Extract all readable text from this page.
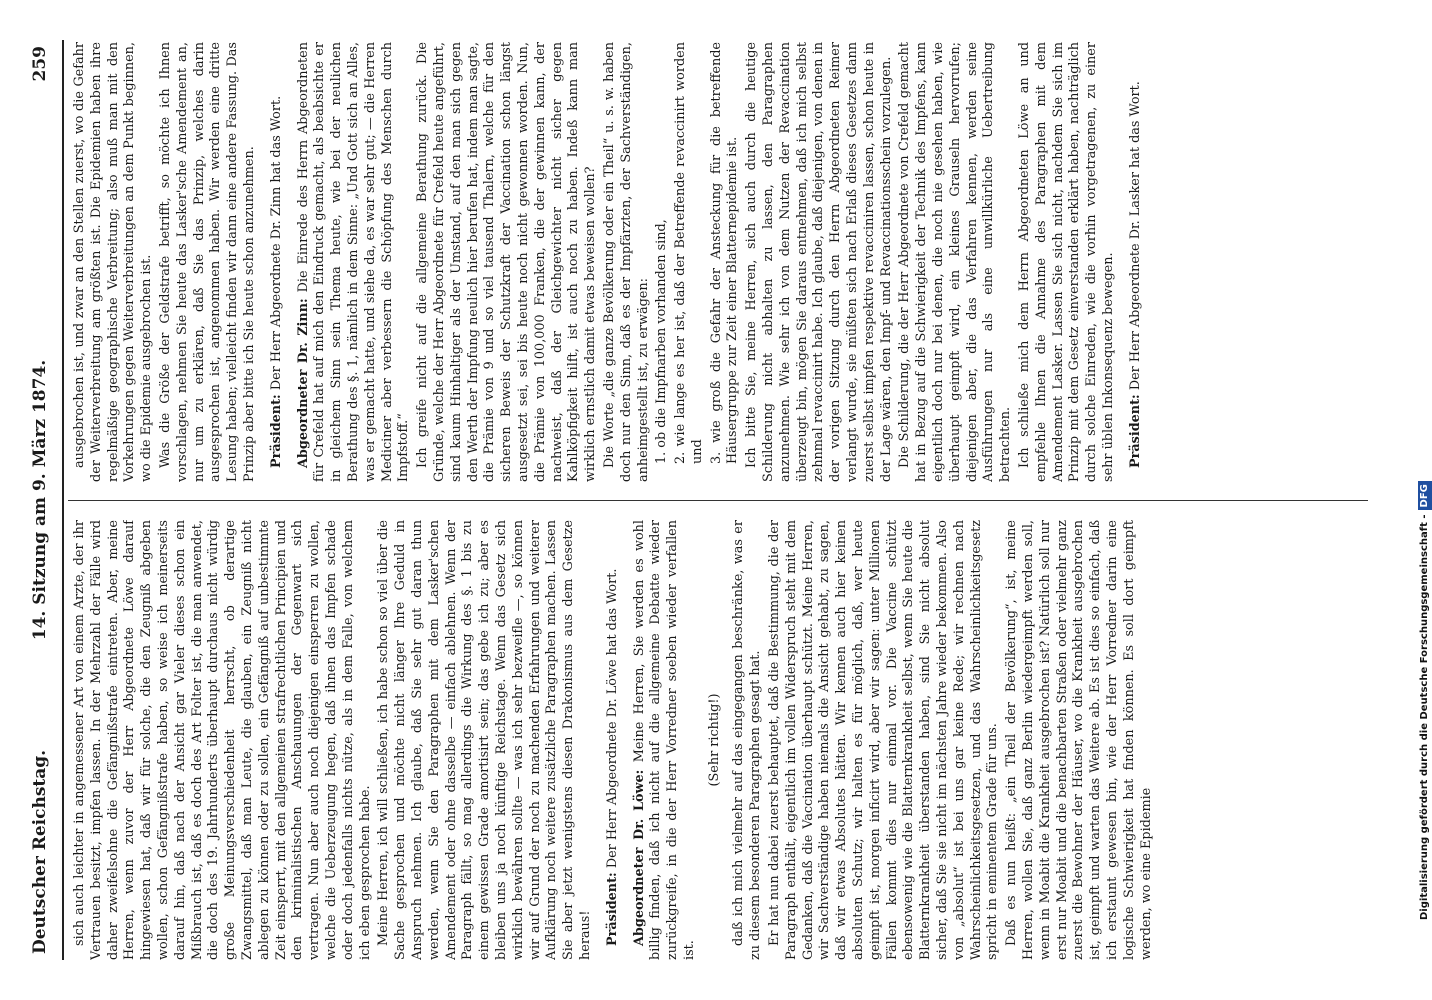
Deutscher Reichstag.
14. Sitzung am 9. März 1874.
259

sich auch leichter in angemessener Art von einem Arzte, der ihr Vertrauen besitzt, impfen lassen. In der Mehrzahl der Fälle wird daher zweifelsohne die Gefängnißstrafe eintreten. Aber, meine Herren, wenn zuvor der Herr Abgeordnete Löwe darauf hingewiesen hat, daß wir für solche, die den Zeugniß abgeben wollen, schon Gefängnißstrafe haben, so weise ich meinerseits darauf hin, daß nach der Ansicht gar Vieler dieses schon ein Mißbrauch ist, daß es doch des Art Folter ist, die man anwendet, die doch des 19. Jahrhunderts überhaupt durchaus nicht würdig große Meinungsverschiedenheit herrscht, ob derartige Zwangsmittel, daß man Leute, die glauben, ein Zeugniß nicht ablegen zu können oder zu sollen, ein Gefängniß auf unbestimmte Zeit einsperrt, mit den allgemeinen strafrechtlichen Principien und den kriminalistischen Anschauungen der Gegenwart sich vertragen. Nun aber auch noch diejenigen einsperren zu wollen, welche die Ueberzeugung hegen, daß ihnen das Impfen schade oder doch jedenfalls nichts nütze, als in dem Falle, von welchem ich eben gesprochen habe. Meine Herren, ich will schließen, ich habe schon so viel über die Sache gesprochen und möchte nicht länger Ihre Geduld in Anspruch nehmen. Ich glaube, daß Sie sehr gut daran thun werden, wenn Sie den Paragraphen mit dem Lasker'schen Amendement oder ohne dasselbe — einfach ablehnen. Wenn der Paragraph fällt, so mag allerdings die Wirkung des §. 1 bis zu einem gewissen Grade amortisirt sein; das gebe ich zu; aber es bleiben uns ja noch künftige Reichstage. Wenn das Gesetz sich wirklich bewähren sollte — was ich sehr bezweifle —, so können wir auf Grund der noch zu machenden Erfahrungen und weiterer Aufklärung noch weitere zusätzliche Paragraphen machen. Lassen Sie aber jetzt wenigstens diesen Drakonismus aus dem Gesetze heraus! Präsident: Der Herr Abgeordnete Dr. Löwe hat das Wort. Abgeordneter Dr. Löwe: Meine Herren, Sie werden es wohl billig finden, daß ich nicht auf die allgemeine Debatte wieder zurückgreife, in die der Herr Vorredner soeben wieder verfallen ist.

(Sehr richtig!) daß ich mich vielmehr auf das eingegangen beschränke, was er zu diesem besonderen Paragraphen gesagt hat. Er hat nun dabei zuerst behauptet, daß die Bestimmung, die der Paragraph enthält, eigentlich im vollen Widerspruch steht mit dem Gedanken, daß die Vaccination überhaupt schützt. Meine Herren, wir Sachverständige haben niemals die Ansicht gehabt, zu sagen, daß wir etwas Absolutes hätten. Wir kennen auch hier keinen absoluten Schutz; wir halten es für möglich, daß, wer heute geimpft ist, morgen inficirt wird, aber wir sagen: unter Millionen Fällen kommt dies nur einmal vor. Die Vaccine schützt ebensowenig wie die Blatternkrankheit selbst, wenn Sie heute die Blatternkrankheit überstanden haben, sind Sie nicht absolut sicher, daß Sie sie nicht im nächsten Jahre wieder bekommen. Also von „absolut“ ist bei uns gar keine Rede; wir rechnen nach Wahrscheinlichkeitsgesetzen, und das Wahrscheinlichkeitsgesetz spricht in eminentem Grade für uns. Daß es nun heißt: „ein Theil der Bevölkerung“, ist, meine Herren, wollen Sie, daß ganz Berlin wiedergeimpft werden soll, wenn in Moabit die Krankheit ausgebrochen ist? Natürlich soll nur erst nur Moabit und die benachbarten Straßen oder vielmehr ganz zuerst die Bewohner der Häuser, wo die Krankheit ausgebrochen ist, geimpft und warten das Weitere ab. Es ist dies so einfach, daß ich erstaunt gewesen bin, wie der Herr Vorredner darin eine logische Schwierigkeit hat finden können. Es soll dort geimpft werden, wo eine Epidemie

ausgebrochen ist, und zwar an den Stellen zuerst, wo die Gefahr der Weiterverbreitung am größten ist. Die Epidemien haben ihre regelmäßige geographische Verbreitung; also muß man mit den Vorkehrungen gegen Weiterverbreitungen an dem Punkt beginnen, wo die Epidemie ausgebrochen ist. Was die Größe der Geldstrafe betrifft, so möchte ich Ihnen vorschlagen, nehmen Sie heute das Lasker'sche Amendement an, nur um zu erklären, daß Sie das Prinzip, welches darin ausgesprochen ist, angenommen haben. Wir werden eine dritte Lesung haben; vielleicht finden wir dann eine andere Fassung. Das Prinzip aber bitte ich Sie heute schon anzunehmen. Präsident: Der Herr Abgeordnete Dr. Zinn hat das Wort. Abgeordneter Dr. Zinn: Die Einrede des Herrn Abgeordneten für Crefeld hat auf mich den Eindruck gemacht, als beabsichte er in gleichem Sinn sein Thema heute, wie bei der neulichen Berathung des §. 1, nämlich in dem Sinne: „Und Gott sich an Alles, was er gemacht hatte, und siehe da, es war sehr gut; — die Herren Mediciner aber verbessern die Schöpfung des Menschen durch Impfstoff.“ Ich greife nicht auf die allgemeine Berathung zurück. Die Gründe, welche der Herr Abgeordnete für Crefeld heute angeführt, sind kaum Hinhaltiger als der Umstand, auf den man sich gegen den Werth der Impfung neulich hier berufen hat, indem man sagte, die Prämie von 9 und so viel tausend Thalern, welche für den sicheren Beweis der Schutzkraft der Vaccination schon längst ausgesetzt sei, sei bis heute noch nicht gewonnen worden. Nun, die Prämie von 100,000 Franken, die der gewinnen kann, der nachweist, daß der Gleichgewichter nicht sicher gegen Kahlköpfigkeit hilft, ist auch noch zu haben. Indeß kann man wirklich ernstlich damit etwas beweisen wollen? Die Worte „die ganze Bevölkerung oder ein Theil“ u. s. w. haben doch nur den Sinn, daß es der Impfärzten, der Sachverständigen, anheimgestellt ist, zu erwägen: 1. ob die Impfnarben vorhanden sind, 2. wie lange es her ist, daß der Betreffende revaccinirt worden und 3. wie groß die Gefahr der Ansteckung für die betreffende Häusergruppe zur Zeit einer Blatternepidemie ist. Ich bitte Sie, meine Herren, sich auch durch die heutige Schilderung nicht abhalten zu lassen, den Paragraphen anzunehmen. Wie sehr ich von dem Nutzen der Revaccination überzeugt bin, mögen Sie daraus entnehmen, daß ich mich selbst zehnmal revaccinirt habe. Ich glaube, daß diejenigen, von denen in der vorigen Sitzung durch den Herrn Abgeordneten Reimer verlangt wurde, sie müßten sich nach Erlaß dieses Gesetzes dann zuerst selbst impfen respektive revacciniren lassen, schon heute in der Lage wären, den Impf- und Revaccinationsschein vorzulegen. Die Schilderung, die der Herr Abgeordnete von Crefeld gemacht hat in Bezug auf die Schwierigkeit der Technik des Impfens, kann eigentlich doch nur bei denen, die noch nie gesehen haben, wie überhaupt geimpft wird, ein kleines Grauseln hervorrufen; diejenigen aber, die das Verfahren kennen, werden seine Ausführungen nur als eine unwillkürliche Uebertreibung betrachten. Ich schließe mich dem Herrn Abgeordneten Löwe an und empfehle Ihnen die Annahme des Paragraphen mit dem Amendement Lasker. Lassen Sie sich nicht, nachdem Sie sich im Prinzip mit dem Gesetz einverstanden erklärt haben, nachträglich durch solche Einreden, wie die vorhin vorgetragenen, zu einer sehr üblen Inkonsequenz bewegen. Präsident: Der Herr Abgeordnete Dr. Lasker hat das Wort.

Digitalisierung gefördert durch die Deutsche Forschungsgemeinschaft -DFG
